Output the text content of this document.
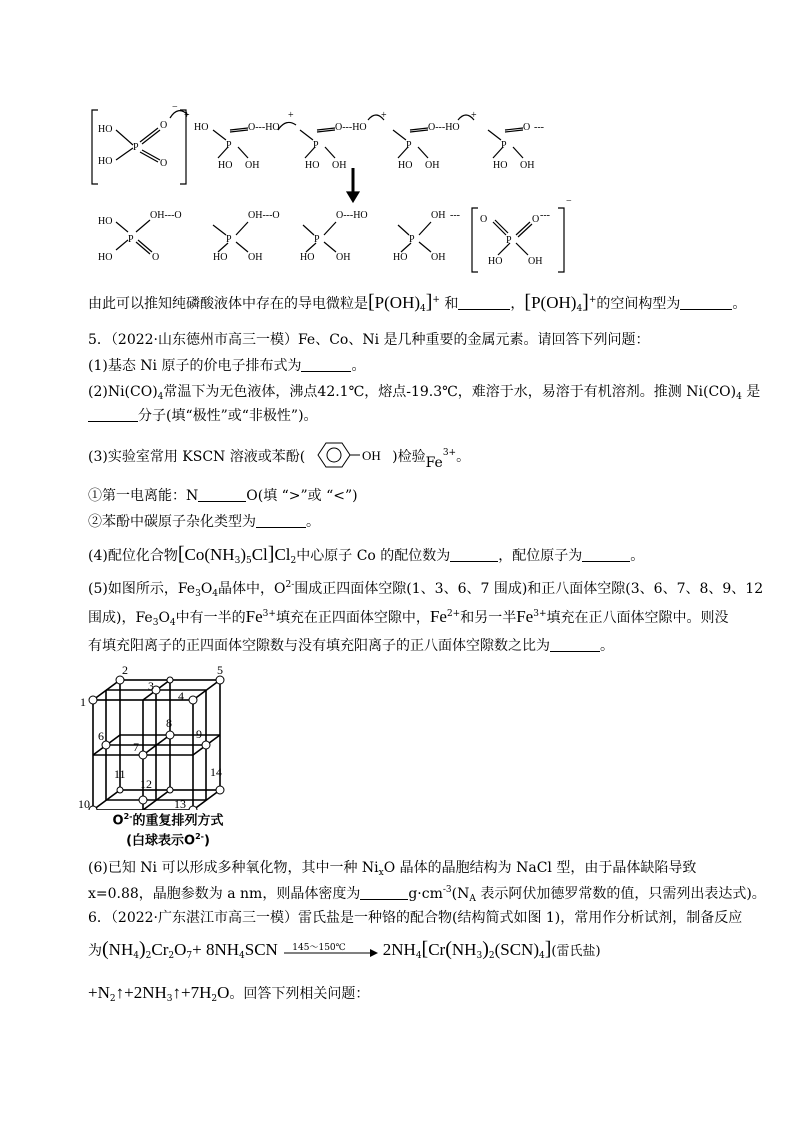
HO
HO
P
O
O
−
+
HO
P
O---HO
HO OH
+
P
O---HO
HO OH
+
P
O---HO
HO OH
+
P
O ---
HO OH
HO
HO
P
OH---O
O
P
OH---O
HO OH
P
O---HO
HO OH
P
OH
HO OH
--- O
P
O ---
HO	OH
−
由此可以推知纯磷酸液体中存在的导电微粒是$[P(OH)_4]^+$ 和	，$[P(OH)_4]^+$的空间构型为	。
5．（2022·山东德州市高三一模）Fe、Co、Ni 是几种重要的金属元素。请回答下列问题：
(1)基态 Ni 原子的价电子排布式为	。
$(2)Ni(CO)_4$常温下为无色液体，沸点42.1℃，熔点-19.3℃，难溶于水，易溶于有机溶剂。推测 $Ni(CO)_4$ 是
分子(填“极性”或“非极性”)。
(3)实验室常用 KSCN 溶液或苯酚(	OH )检验$Fe^{3+}$。
①第一电离能：N	O(填 “>”或 “<”)
②苯酚中碳原子杂化类型为	。
(4)配位化合物$[Co(NH_3)_5Cl]Cl_2$中心原子 Co 的配位数为	，配位原子为	。
(5)如图所示，$Fe_3O_4$晶体中，$O^{2-}$围成正四面体空隙(1、3、6、7 围成)和正八面体空隙(3、6、7、8、9、12
围成)，$Fe_3O_4$中有一半的$Fe^{3+}$填充在正四面体空隙中，$Fe^{2+}$和另一半$Fe^{3+}$填充在正八面体空隙中。则没
有填充阳离子的正四面体空隙数与没有填充阳离子的正八面体空隙数之比为	。
1
2
3
4
5
6
7
8
9
10
11
12
13
14
$O^{2-}$的重复排列方式
(白球表示$O^{2-}$)
(6)已知 Ni 可以形成多种氧化物，其中一种 $Ni_xO$ 晶体的晶胞结构为 NaCl 型，由于晶体缺陷导致
x=0.88，晶胞参数为 a nm，则晶体密度为	$g\cdot cm^{-3}(N_A$ 表示阿伏加德罗常数的值，只需列出表达式)。
6．（2022·广东湛江市高三一模）雷氏盐是一种铬的配合物(结构简式如图 1)，常用作分析试剂，制备反应
为$(NH_4)_2Cr_2O_7+ 8NH_4SCN$ 145～150℃ $2NH_4[Cr(NH_3)_2(SCN)_4]$(雷氏盐)
$+N_2↑+2NH_3↑+7H_2O$。回答下列相关问题：
